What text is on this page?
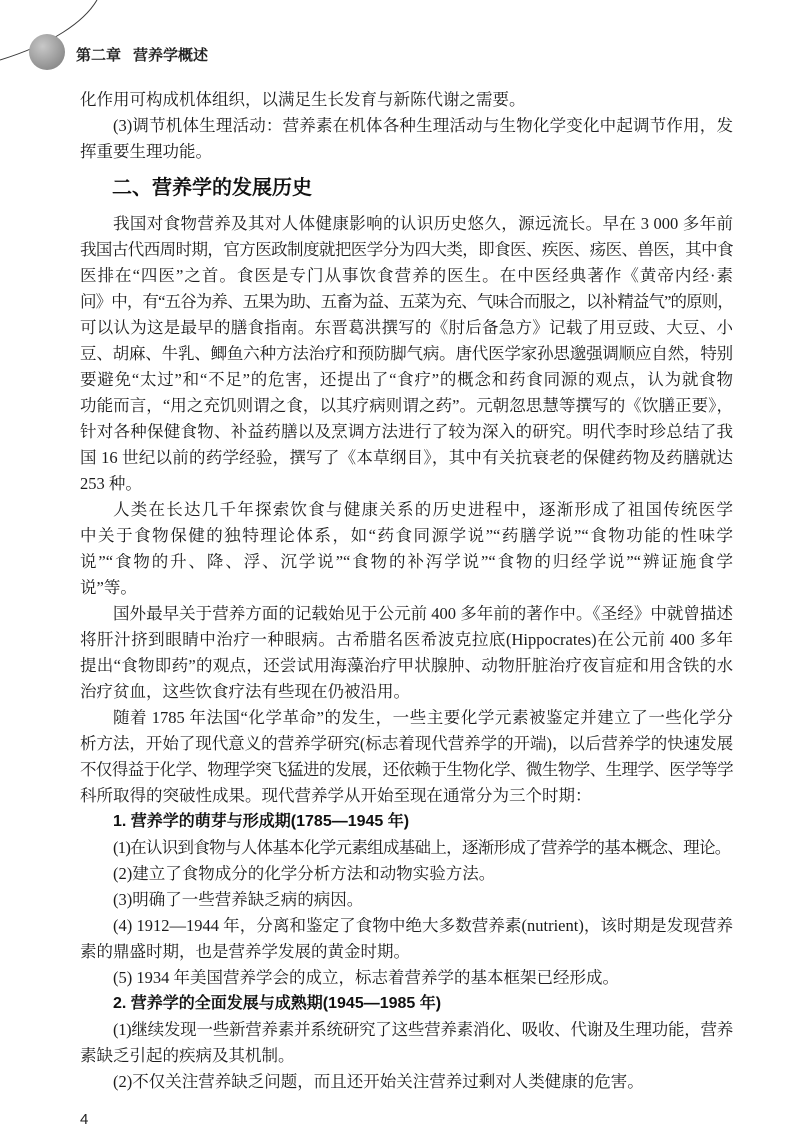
第二章 营养学概述
化作用可构成机体组织，以满足生长发育与新陈代谢之需要。
(3)调节机体生理活动：营养素在机体各种生理活动与生物化学变化中起调节作用，发
挥重要生理功能。
二、营养学的发展历史
我国对食物营养及其对人体健康影响的认识历史悠久，源远流长。早在 3 000 多年前
我国古代西周时期，官方医政制度就把医学分为四大类，即食医、疾医、疡医、兽医，其中食
医排在“四医”之首。食医是专门从事饮食营养的医生。在中医经典著作《黄帝内经·素
问》中，有“五谷为养、五果为助、五畜为益、五菜为充、气味合而服之，以补精益气”的原则，
可以认为这是最早的膳食指南。东晋葛洪撰写的《肘后备急方》记载了用豆豉、大豆、小
豆、胡麻、牛乳、鲫鱼六种方法治疗和预防脚气病。唐代医学家孙思邈强调顺应自然，特别
要避免“太过”和“不足”的危害，还提出了“食疗”的概念和药食同源的观点，认为就食物
功能而言，“用之充饥则谓之食，以其疗病则谓之药”。元朝忽思慧等撰写的《饮膳正要》，
针对各种保健食物、补益药膳以及烹调方法进行了较为深入的研究。明代李时珍总结了我
国 16 世纪以前的药学经验，撰写了《本草纲目》，其中有关抗衰老的保健药物及药膳就达
253 种。
人类在长达几千年探索饮食与健康关系的历史进程中，逐渐形成了祖国传统医学
中关于食物保健的独特理论体系，如“药食同源学说”“药膳学说”“食物功能的性味学
说”“食物的升、降、浮、沉学说”“食物的补泻学说”“食物的归经学说”“辨证施食学
说”等。
国外最早关于营养方面的记载始见于公元前 400 多年前的著作中。《圣经》中就曾描述
将肝汁挤到眼睛中治疗一种眼病。古希腊名医希波克拉底(Hippocrates)在公元前 400 多年
提出“食物即药”的观点，还尝试用海藻治疗甲状腺肿、动物肝脏治疗夜盲症和用含铁的水
治疗贫血，这些饮食疗法有些现在仍被沿用。
随着 1785 年法国“化学革命”的发生，一些主要化学元素被鉴定并建立了一些化学分
析方法，开始了现代意义的营养学研究(标志着现代营养学的开端)，以后营养学的快速发展
不仅得益于化学、物理学突飞猛进的发展，还依赖于生物化学、微生物学、生理学、医学等学
科所取得的突破性成果。现代营养学从开始至现在通常分为三个时期：
1. 营养学的萌芽与形成期(1785—1945 年)
(1)在认识到食物与人体基本化学元素组成基础上，逐渐形成了营养学的基本概念、理论。
(2)建立了食物成分的化学分析方法和动物实验方法。
(3)明确了一些营养缺乏病的病因。
(4) 1912—1944 年，分离和鉴定了食物中绝大多数营养素(nutrient)，该时期是发现营养
素的鼎盛时期，也是营养学发展的黄金时期。
(5) 1934 年美国营养学会的成立，标志着营养学的基本框架已经形成。
2. 营养学的全面发展与成熟期(1945—1985 年)
(1)继续发现一些新营养素并系统研究了这些营养素消化、吸收、代谢及生理功能，营养
素缺乏引起的疾病及其机制。
(2)不仅关注营养缺乏问题，而且还开始关注营养过剩对人类健康的危害。
4
